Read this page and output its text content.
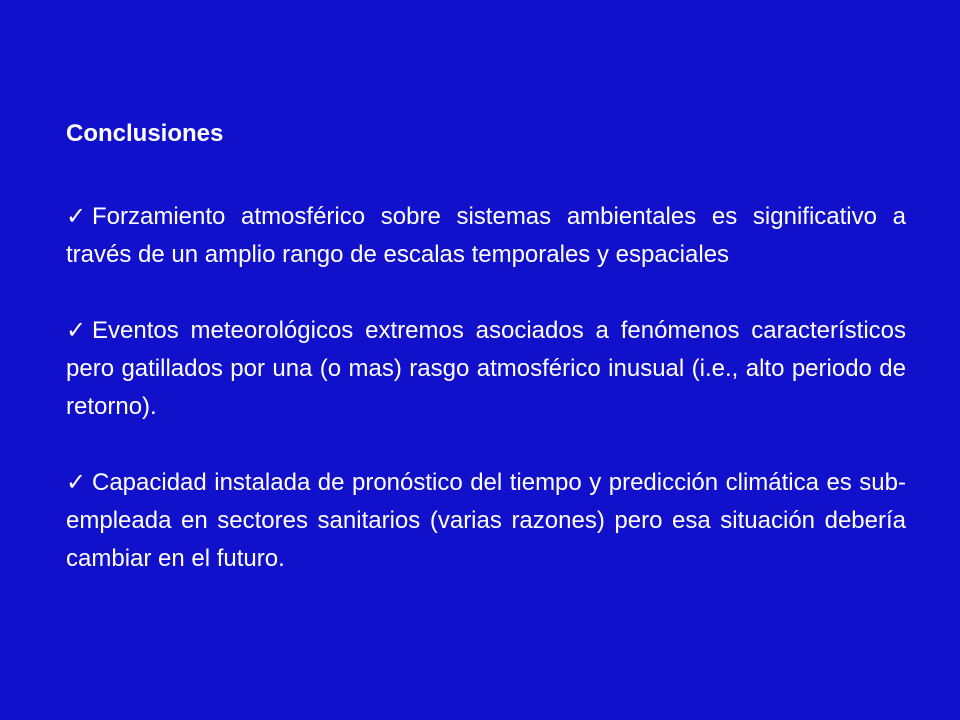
Conclusiones
✓ Forzamiento atmosférico sobre sistemas ambientales es significativo a través de un amplio rango de escalas temporales y espaciales
✓ Eventos meteorológicos extremos asociados a fenómenos característicos pero gatillados por una (o mas) rasgo atmosférico inusual (i.e., alto periodo de retorno).
✓ Capacidad instalada de pronóstico del tiempo y predicción climática es sub-empleada en sectores sanitarios (varias razones) pero esa situación debería cambiar en el futuro.
